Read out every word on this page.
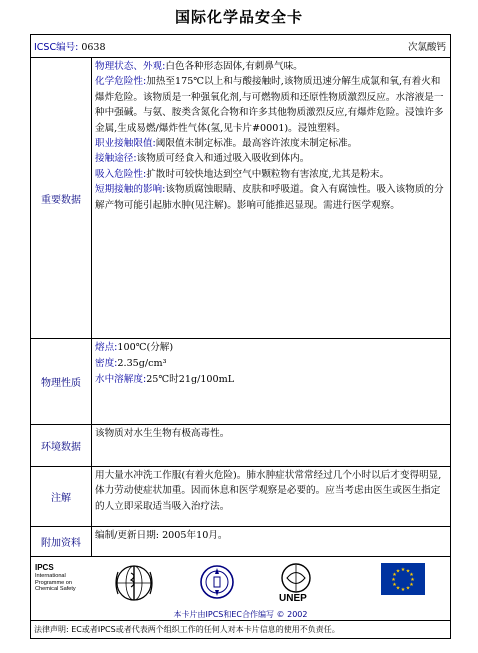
国际化学品安全卡
ICSC编号: 0638	次氯酸钙
重要数据
物理状态、外观:白色各种形态固体,有刺鼻气味。
化学危险性:加热至175℃以上和与酸接触时,该物质迅速分解生成氯和氧,有着火和爆炸危险。该物质是一种强氧化剂,与可燃物质和还原性物质激烈反应。水溶液是一种中强碱。与氨、胺类含氮化合物和许多其他物质激烈反应,有爆炸危险。浸蚀许多金属,生成易燃/爆炸性气体(氢,见卡片#0001)。浸蚀塑料。
职业接触限值:阈限值未制定标准。最高容许浓度未制定标准。
接触途径:该物质可经食入和通过吸入吸收到体内。
吸入危险性:扩散时可较快地达到空气中颗粒物有害浓度,尤其是粉末。
短期接触的影响:该物质腐蚀眼睛、皮肤和呼吸道。食入有腐蚀性。吸入该物质的分解产物可能引起肺水肿(见注解)。影响可能推迟显现。需进行医学观察。
物理性质
熔点:100℃(分解)
密度:2.35g/cm³
水中溶解度:25℃时21g/100mL
环境数据
该物质对水生生物有极高毒性。
注解
用大量水冲洗工作服(有着火危险)。肺水肿症状常常经过几个小时以后才变得明显,体力劳动使症状加重。因而休息和医学观察是必要的。应当考虑由医生或医生指定的人立即采取适当吸入治疗法。
附加资料
编制/更新日期: 2005年10月。
IPCS
International
Programme on
Chemical Safety
UNEP
★ ★
★
★
★
★
★
★
★
★
★
★
本卡片由IPCS和EC合作编写 © 2002
法律声明: EC或者IPCS或者代表两个组织工作的任何人对本卡片信息的使用不负责任。
